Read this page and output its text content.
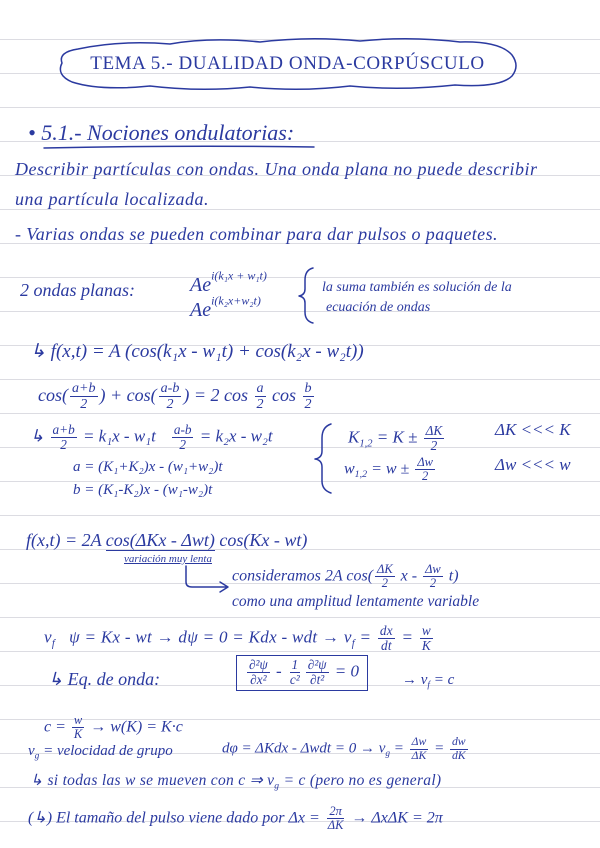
TEMA 5.- DUALIDAD ONDA-CORPÚSCULO
• 5.1.- Nociones ondulatorias:
Describir partículas con ondas. Una onda plana no puede describir
una partícula localizada.
- Varias ondas se pueden combinar para dar pulsos o paquetes.
2 ondas planas:	$Ae^{i(k_1x + w_1t)}$
$Ae^{i(k_2x+w_2t)}$
la suma también es solución de la
ecuación de ondas
↳ f(x,t) = A (cos(k₁x - w₁t) + cos(k₂x - w₂t))
$\cos( \frac{a+b}{2}$ ) + $\cos( \frac{a-b}{2}$ ) = 2 $\cos \frac{a}{2}$ $\cos \frac{b}{2}$
↳ $\frac{a+b}{2} = k_1x - w_1t \frac{a-b}{2} = k_2x - w_2t$
a = (K₁+K₂)x - (w₁+w₂)t
b = (K₁-K₂)x - (w₁-w₂)t
$K_{1,2} = K \pm \frac{\Delta K}{2}$	ΔK <<< K
$w_{1,2} = w \pm \frac{\Delta w}{2}$	Δw <<< w
f(x,t) = 2A cos(ΔKx - Δwt) cos(Kx - wt)
variación muy lenta
consideramos 2A $\cos( \frac{\Delta K}{2}$ x - $\frac{\Delta w}{2} t$)
como una amplitud lentamente variable
$v_f$ ψ = Kx - wt → dψ = 0 = Kdx - wdt → $v_f = \frac{dx}{dt} = \frac{w}{K}$
↳ Eq. de onda:	$\frac{\text{∂²ψ}}{\text{∂x²}} - \frac{1}{\text{c²}} \frac{\text{∂²ψ}}{\text{∂t²}} = 0$	→ $v_f = c$
$c = \frac{w}{K} \to w(K) = K\cdot c$
$v_g$ = velocidad de grupo	$d\varphi = \Delta Kdx - \Delta wdt = 0 \to v_g = \frac{\Delta w}{\Delta K} = \frac{dw}{dK}$
↳ si todas las w se mueven con c ⇒ $v_g = c$ (pero no es general)
(↳) El tamaño del pulso viene dado por $\Delta x = \frac{2\pi}{\Delta K} \to \Delta x\Delta K = 2\pi$
